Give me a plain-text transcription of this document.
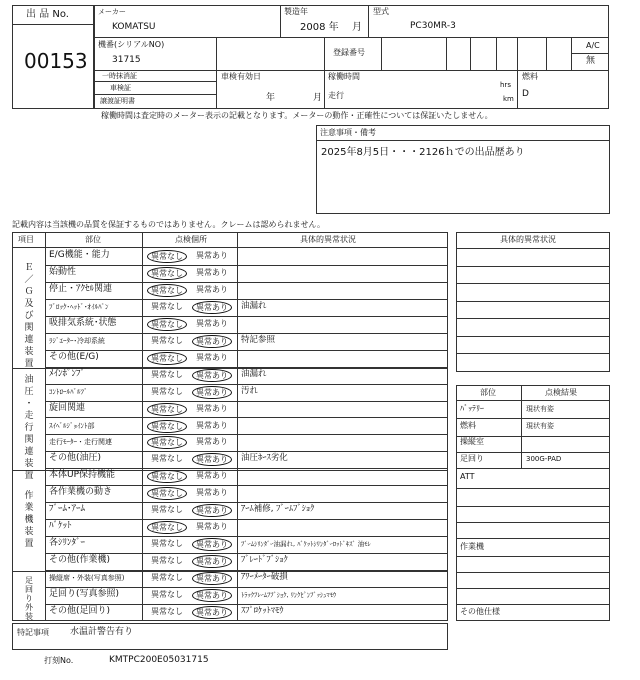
出 品 No.
00153
メーカー
KOMATSU
製造年
2008 年 月
型式
PC30MR-3
機番(シリアルNO)
31715
登録番号
A/C
無
一時抹消証
車検証
譲渡証明書
車検有効日
年	月
稼働時間
走行
hrs
km
燃料
D
稼働時間は査定時のメーター表示の記載となります。メーターの動作・正確性については保証いたしません。
注意事項・備考
2025年8月5日・・・2126ｈでの出品歴あり
記載内容は当該機の品質を保証するものではありません。クレームは認められません。
項目	部位	点検個所	具体的異常状況
Ｅ
／
Ｇ
及
び
関
連
装
置
油
圧
・
走
行
関
連
装
置
作
業
機
装
置
足
回
り
外
装
E/G機能・能力	異常なし	異常あり
始動性	異常なし	異常あり
停止・ｱｸｾﾙ関連	異常なし	異常あり
ﾌﾞﾛｯｸ･ﾍｯﾄﾞ･ｵｲﾙﾊﾟﾝ	異常なし	異常あり	油漏れ
吸排気系統･状態	異常なし	異常あり
ﾗｼﾞｴｰﾀｰ･冷却系統	異常なし	異常あり	特記参照
その他(E/G)	異常なし	異常あり
ﾒｲﾝﾎﾟﾝﾌﾟ	異常なし	異常あり	油漏れ
ｺﾝﾄﾛｰﾙﾊﾞﾙﾌﾞ	異常なし	異常あり	汚れ
旋回関連	異常なし	異常あり
ｽｲﾍﾞﾙｼﾞｮｲﾝﾄ部	異常なし	異常あり
走行ﾓｰﾀｰ・走行関連	異常なし	異常あり
その他(油圧)	異常なし	異常あり	油圧ﾎｰｽ劣化
本体UP保持機能	異常なし	異常あり
各作業機の動き	異常なし	異常あり
ﾌﾞｰﾑ･ｱｰﾑ	異常なし	異常あり	ｱｰﾑ補修, ﾌﾞｰﾑﾌﾞｼｮｸ
ﾊﾞｹｯﾄ	異常なし	異常あり
各ｼﾘﾝﾀﾞｰ	異常なし	異常あり	ﾌﾞｰﾑｼﾘﾝﾀﾞｰ油漏れ, ﾊﾞｹｯﾄｼﾘﾝﾀﾞｰﾛｯﾄﾞｷｽﾞ 油ﾓﾚ
その他(作業機)	異常なし	異常あり	ﾌﾞﾚｰﾄﾞﾌﾞｼｮｸ
操縦席・外装(写真参照)	異常なし	異常あり	ｱﾜｰﾒｰﾀｰ破損
足回り(写真参照)	異常なし	異常あり	ﾄﾗｯｸﾌﾚｰﾑﾌﾌﾞｼｮｸ, ﾘﾝｸﾋﾟﾝﾌﾞｯｼｭﾏﾓｳ
その他(足回り)	異常なし	異常あり	ｽﾌﾟﾛｹｯﾄﾏﾓｳ
具体的異常状況
部位	点検結果
ﾊﾞｯﾃﾘｰ	現状有姿
燃料	現状有姿
操縦室
足回り	300G-PAD
ATT
作業機
その他仕様
特記事項 水温計警告有り
打刻No.	KMTPC200E05031715
